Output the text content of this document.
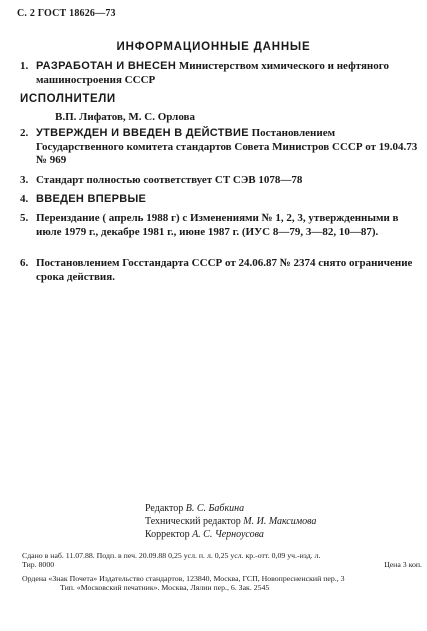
С. 2 ГОСТ 18626—73
ИНФОРМАЦИОННЫЕ ДАННЫЕ
1. РАЗРАБОТАН И ВНЕСЕН Министерством химического и нефтяного машиностроения СССР
ИСПОЛНИТЕЛИ
В.П. Лифатов, М. С. Орлова
2. УТВЕРЖДЕН И ВВЕДЕН В ДЕЙСТВИЕ Постановлением Государственного комитета стандартов Совета Министров СССР от 19.04.73 № 969
3. Стандарт полностью соответствует СТ СЭВ 1078—78
4. ВВЕДЕН ВПЕРВЫЕ
5. Переиздание ( апрель 1988 г) с Изменениями № 1, 2, 3, утвержденными в июле 1979 г., декабре 1981 г., июне 1987 г. (ИУС 8—79, 3—82, 10—87).
6. Постановлением Госстандарта СССР от 24.06.87 № 2374 снято ограничение срока действия.
Редактор В. С. Бабкина
Технический редактор М. И. Максимова
Корректор А. С. Черноусова
Сдано в наб. 11.07.88. Подп. в печ. 20.09.88 0,25 усл. п. л. 0,25 усл. кр.-отт. 0,09 уч.-изд. л.
Тир. 8000	Цена 3 коп.
Ордена «Знак Почета» Издательство стандартов, 123840, Москва, ГСП, Новопресненский пер., 3
Тип. «Московский печатник». Москва, Лялин пер., 6. Зак. 2545
